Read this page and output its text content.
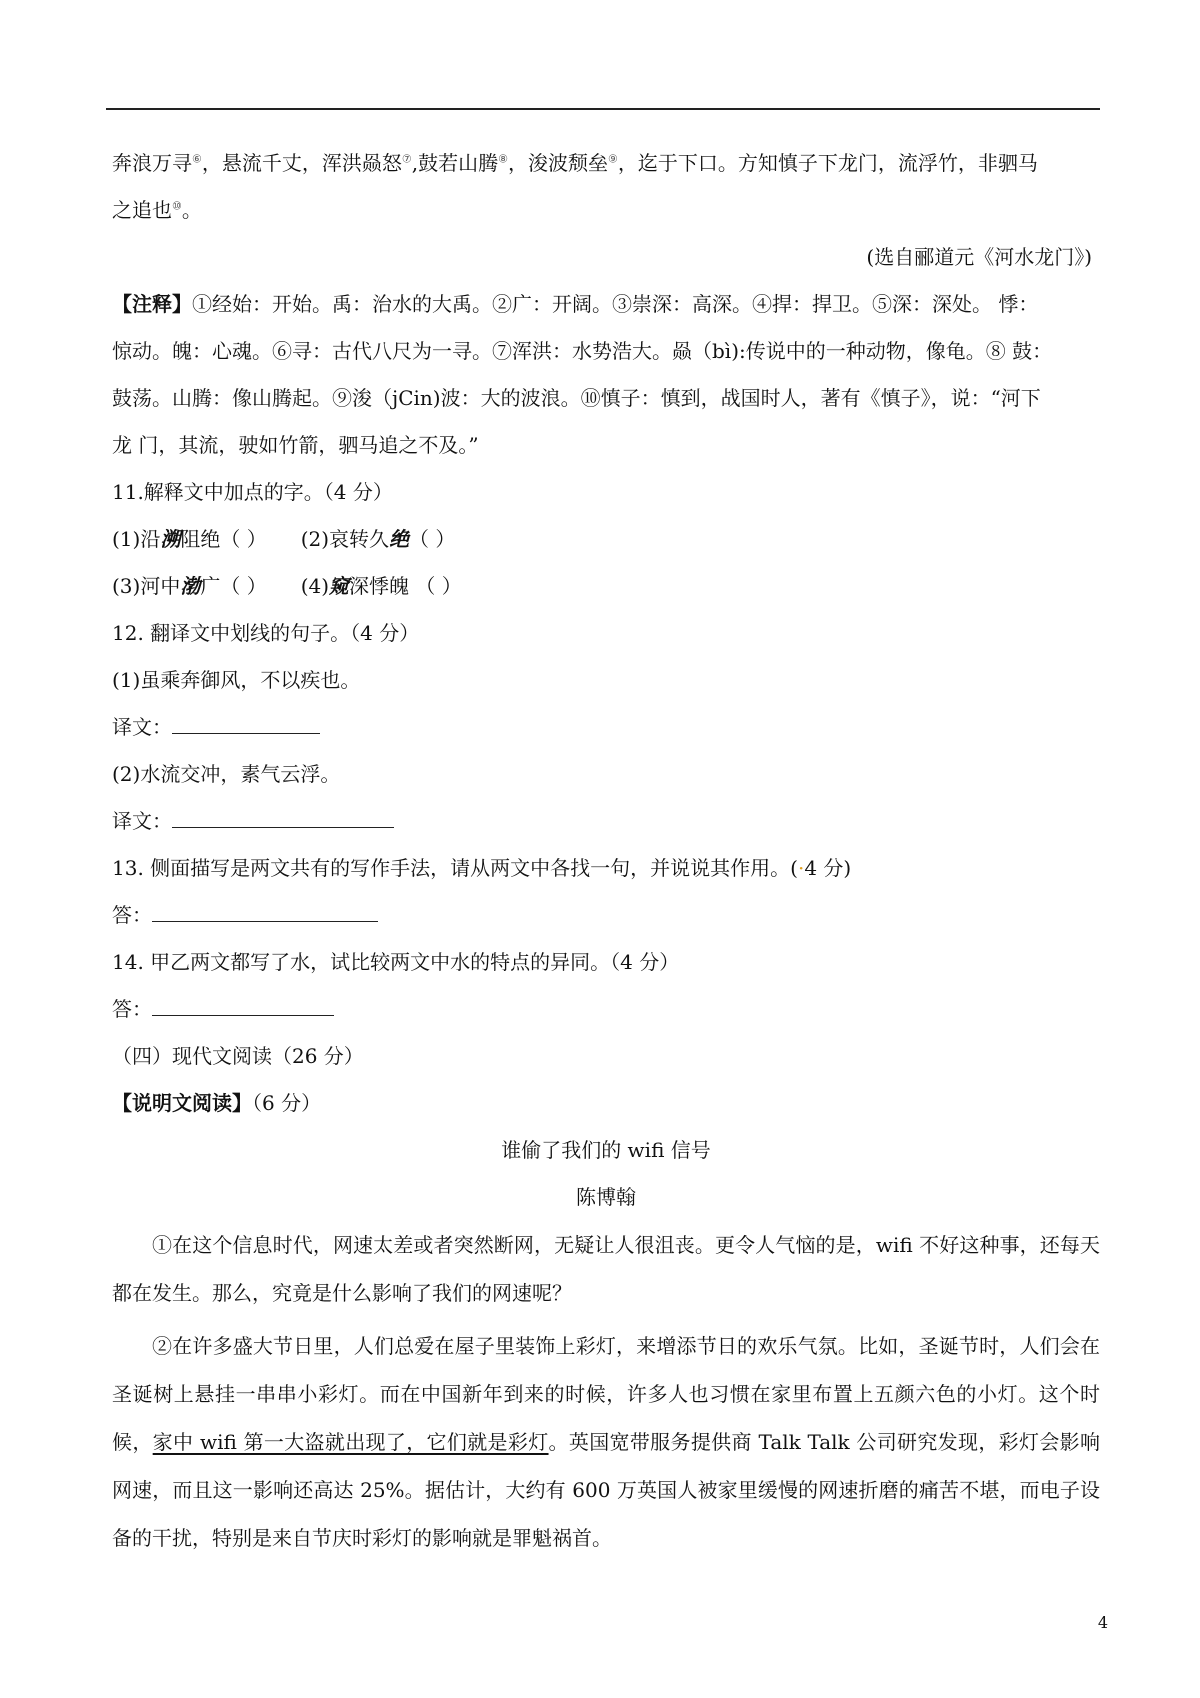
奔浪万寻⑥，悬流千丈，浑洪赑怒⑦,鼓若山腾⑧，浚波颓垒⑨，迄于下口。方知慎子下龙门，流浮竹，非驷马
之追也⑩。
(选自郦道元《河水龙门》)
【注释】①经始：开始。禹：治水的大禹。②广：开阔。③崇深：高深。④捍：捍卫。⑤深：深处。 悸：
惊动。魄：心魂。⑥寻：古代八尺为一寻。⑦浑洪：水势浩大。赑（bì):传说中的一种动物，像龟。⑧ 鼓：
鼓荡。山腾：像山腾起。⑨浚（jCin)波：大的波浪。⑩慎子：慎到，战国时人，著有《慎子》，说：“河下
龙 门，其流，驶如竹箭，驷马追之不及。”
11.解释文中加点的字。（4 分）
(1)沿溯 •阻绝（ ） (2)哀转久绝 •（ ）
(3)河中渤 •广（ ） (4)窥 •深悸魄 （ ）
12. 翻译文中划线的句子。（4 分）
(1)虽乘奔御风，不以疾也。
译文：
(2)水流交冲，素气云浮。
译文：
13. 侧面描写是两文共有的写作手法，请从两文中各找一句，并说说其作用。(·4 分)
答：
14. 甲乙两文都写了水，试比较两文中水的特点的异同。（4 分）
答：
（四）现代文阅读（26 分）
【说明文阅读】（6 分）
谁偷了我们的 wifi 信号
陈博翰
①在这个信息时代，网速太差或者突然断网，无疑让人很沮丧。更令人气恼的是，wifi 不好这种事，还每天都在发生。那么，究竟是什么影响了我们的网速呢？
②在许多盛大节日里，人们总爱在屋子里装饰上彩灯，来增添节日的欢乐气氛。比如，圣诞节时，人们会在圣诞树上悬挂一串串小彩灯。而在中国新年到来的时候，许多人也习惯在家里布置上五颜六色的小灯。这个时候，家中 wifi 第一大盗就出现了，它们就是彩灯。英国宽带服务提供商 Talk Talk 公司研究发现，彩灯会影响网速，而且这一影响还高达 25%。据估计，大约有 600 万英国人被家里缓慢的网速折磨的痛苦不堪，而电子设备的干扰，特别是来自节庆时彩灯的影响就是罪魁祸首。
4
